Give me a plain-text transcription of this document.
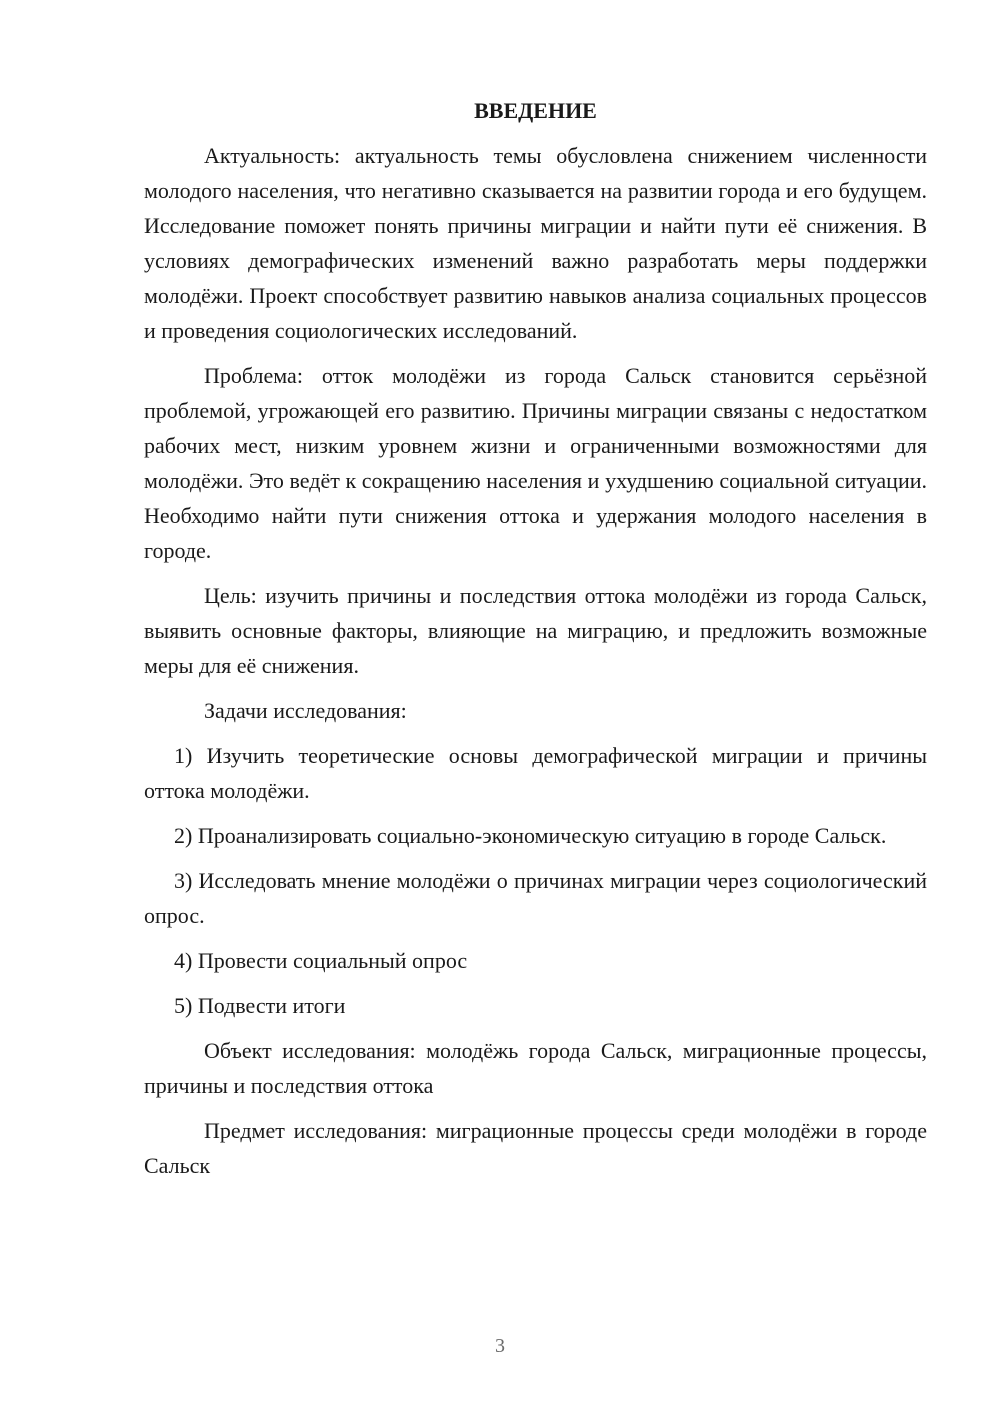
ВВЕДЕНИЕ

Актуальность: актуальность темы обусловлена снижением численности молодого населения, что негативно сказывается на развитии города и его будущем. Исследование поможет понять причины миграции и найти пути её снижения. В условиях демографических изменений важно разработать меры поддержки молодёжи. Проект способствует развитию навыков анализа социальных процессов и проведения социологических исследований.

Проблема: отток молодёжи из города Сальск становится серьёзной проблемой, угрожающей его развитию. Причины миграции связаны с недостатком рабочих мест, низким уровнем жизни и ограниченными возможностями для молодёжи. Это ведёт к сокращению населения и ухудшению социальной ситуации. Необходимо найти пути снижения оттока и удержания молодого населения в городе.

Цель: изучить причины и последствия оттока молодёжи из города Сальск, выявить основные факторы, влияющие на миграцию, и предложить возможные меры для её снижения.

Задачи исследования:

1) Изучить теоретические основы демографической миграции и причины оттока молодёжи.

2) Проанализировать социально-экономическую ситуацию в городе Сальск.

3) Исследовать мнение молодёжи о причинах миграции через социологический опрос.

4) Провести социальный опрос

5) Подвести итоги

Объект исследования: молодёжь города Сальск, миграционные процессы, причины и последствия оттока

Предмет исследования: миграционные процессы среди молодёжи в городе Сальск

3
